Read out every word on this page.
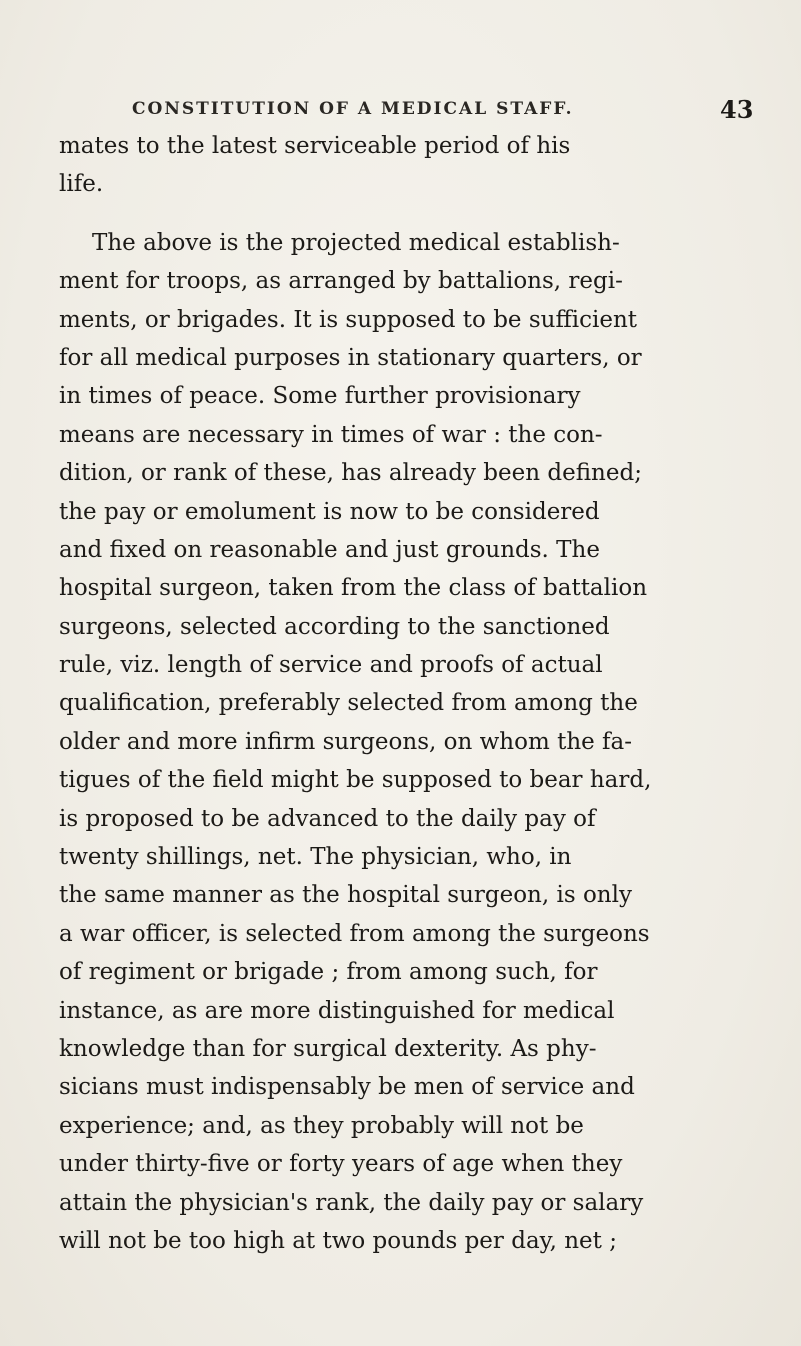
CONSTITUTION OF A MEDICAL STAFF.	43
mates to the latest serviceable period of his
life.
The above is the projected medical establish-
ment for troops, as arranged by battalions, regi-
ments, or brigades. It is supposed to be sufficient
for all medical purposes in stationary quarters, or
in times of peace. Some further provisionary
means are necessary in times of war : the con-
dition, or rank of these, has already been defined;
the pay or emolument is now to be considered
and fixed on reasonable and just grounds. The
hospital surgeon, taken from the class of battalion
surgeons, selected according to the sanctioned
rule, viz. length of service and proofs of actual
qualification, preferably selected from among the
older and more infirm surgeons, on whom the fa-
tigues of the field might be supposed to bear hard,
is proposed to be advanced to the daily pay of
twenty shillings, net. The physician, who, in
the same manner as the hospital surgeon, is only
a war officer, is selected from among the surgeons
of regiment or brigade ; from among such, for
instance, as are more distinguished for medical
knowledge than for surgical dexterity. As phy-
sicians must indispensably be men of service and
experience; and, as they probably will not be
under thirty-five or forty years of age when they
attain the physician's rank, the daily pay or salary
will not be too high at two pounds per day, net ;
